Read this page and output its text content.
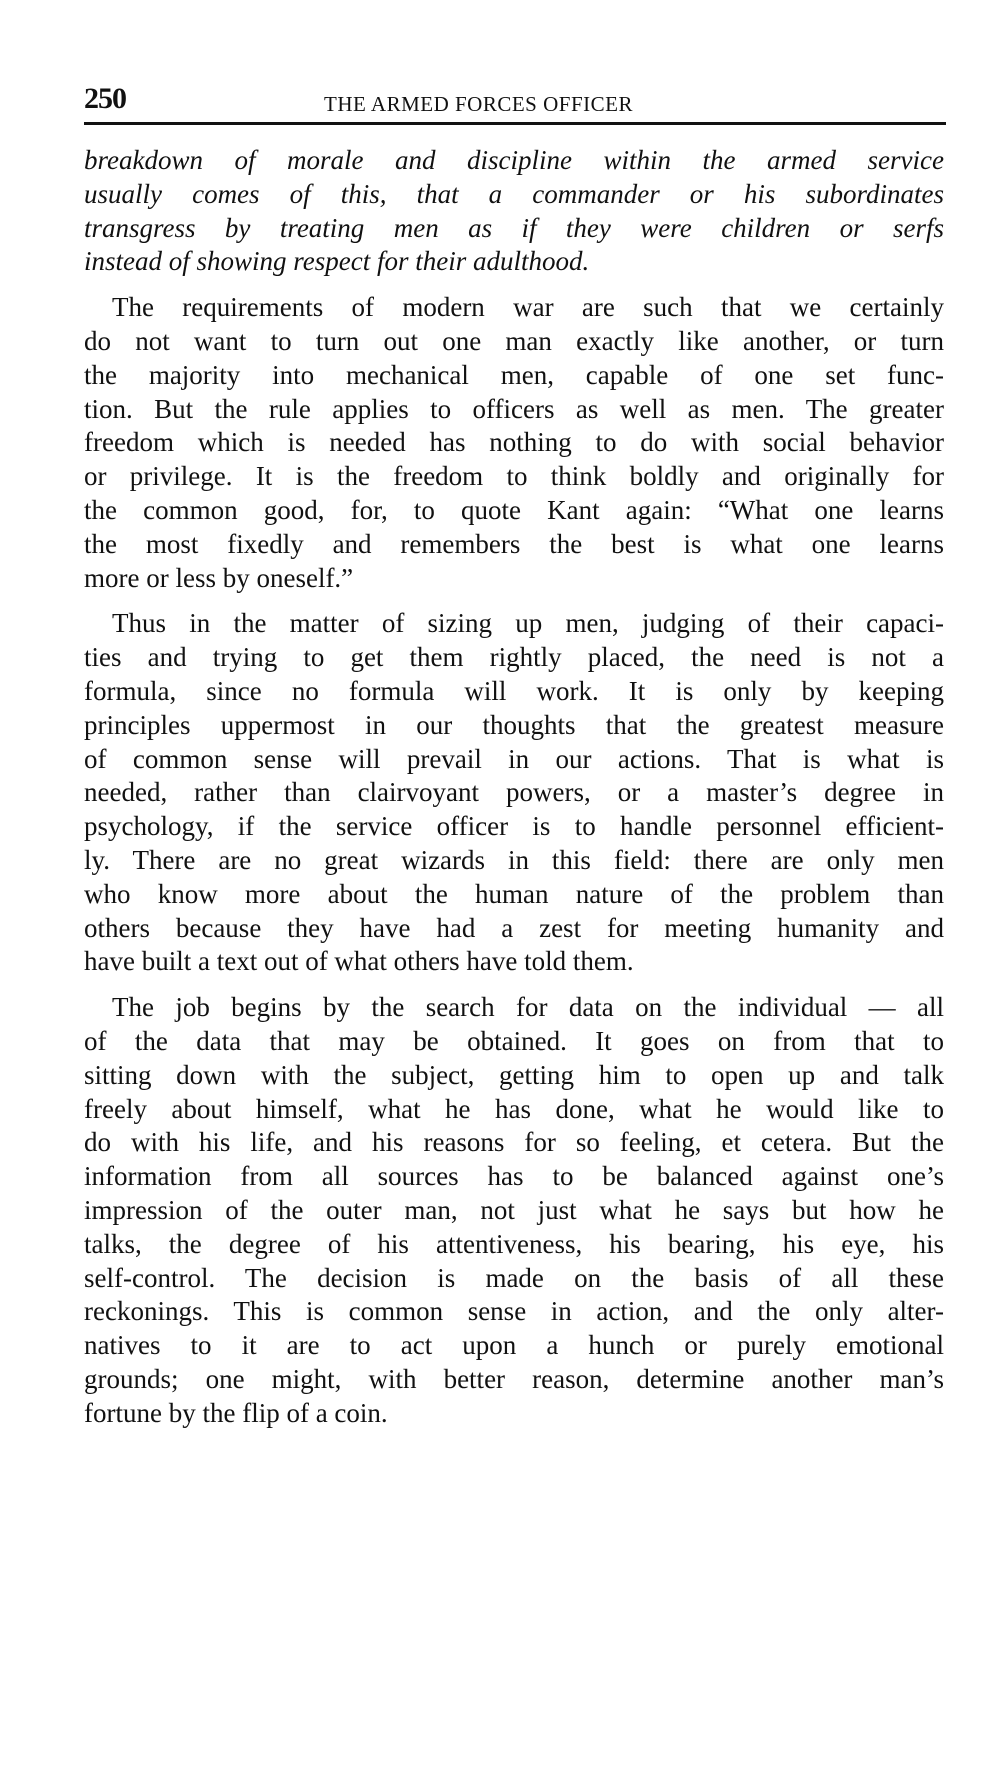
250	THE ARMED FORCES OFFICER
breakdown of morale and discipline within the armed service
usually comes of this, that a commander or his subordinates
transgress by treating men as if they were children or serfs
instead of showing respect for their adulthood.
The requirements of modern war are such that we certainly
do not want to turn out one man exactly like another, or turn
the majority into mechanical men, capable of one set func-
tion. But the rule applies to officers as well as men. The greater
freedom which is needed has nothing to do with social behavior
or privilege. It is the freedom to think boldly and originally for
the common good, for, to quote Kant again: “What one learns
the most fixedly and remembers the best is what one learns
more or less by oneself.”
Thus in the matter of sizing up men, judging of their capaci-
ties and trying to get them rightly placed, the need is not a
formula, since no formula will work. It is only by keeping
principles uppermost in our thoughts that the greatest measure
of common sense will prevail in our actions. That is what is
needed, rather than clairvoyant powers, or a master’s degree in
psychology, if the service officer is to handle personnel efficient-
ly. There are no great wizards in this field: there are only men
who know more about the human nature of the problem than
others because they have had a zest for meeting humanity and
have built a text out of what others have told them.
The job begins by the search for data on the individual — all
of the data that may be obtained. It goes on from that to
sitting down with the subject, getting him to open up and talk
freely about himself, what he has done, what he would like to
do with his life, and his reasons for so feeling, et cetera. But the
information from all sources has to be balanced against one’s
impression of the outer man, not just what he says but how he
talks, the degree of his attentiveness, his bearing, his eye, his
self-control. The decision is made on the basis of all these
reckonings. This is common sense in action, and the only alter-
natives to it are to act upon a hunch or purely emotional
grounds; one might, with better reason, determine another man’s
fortune by the flip of a coin.
